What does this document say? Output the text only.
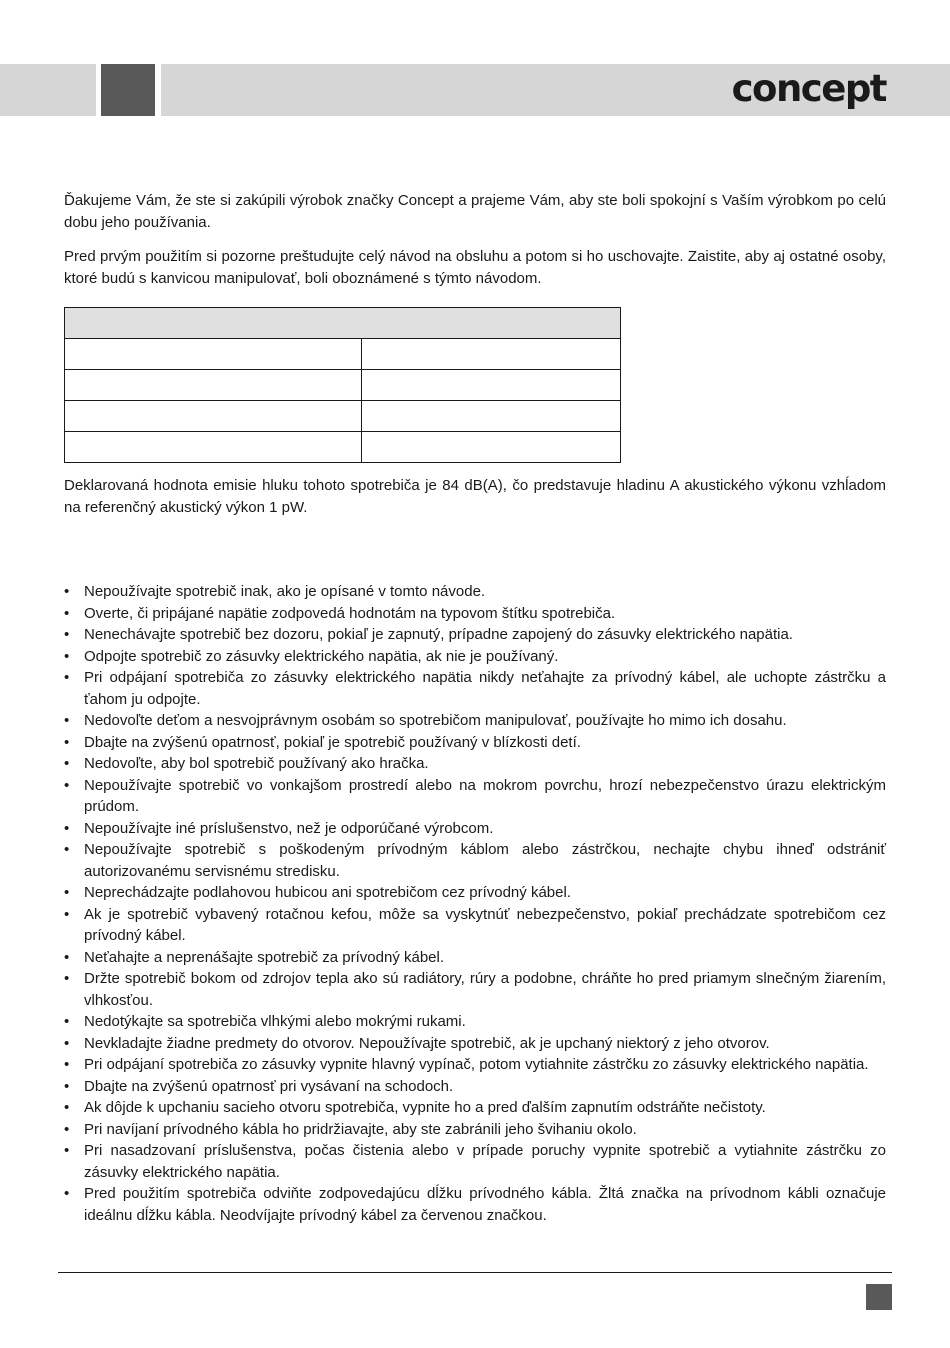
concept

Ďakujeme Vám, že ste si zakúpili výrobok značky Concept a prajeme Vám, aby ste boli spokojní s Vaším výrobkom po celú dobu jeho používania.

Pred prvým použitím si pozorne preštudujte celý návod na obsluhu a potom si ho uschovajte. Zaistite, aby aj ostatné osoby, ktoré budú s kanvicou manipulovať, boli oboznámené s týmto návodom.

Deklarovaná hodnota emisie hluku tohoto spotrebiča je 84 dB(A), čo predstavuje hladinu A akustického výkonu vzhĺadom na referenčný akustický výkon 1 pW.

• Nepoužívajte spotrebič inak, ako je opísané v tomto návode.
• Overte, či pripájané napätie zodpovedá hodnotám na typovom štítku spotrebiča.
• Nenechávajte spotrebič bez dozoru, pokiaľ je zapnutý, prípadne zapojený do zásuvky elektrického napätia.
• Odpojte spotrebič zo zásuvky elektrického napätia, ak nie je používaný.
• Pri odpájaní spotrebiča zo zásuvky elektrického napätia nikdy neťahajte za prívodný kábel, ale uchopte zástrčku a ťahom ju odpojte.
• Nedovoľte deťom a nesvojprávnym osobám so spotrebičom manipulovať, používajte ho mimo ich dosahu.
• Dbajte na zvýšenú opatrnosť, pokiaľ je spotrebič používaný v blízkosti detí.
• Nedovoľte, aby bol spotrebič používaný ako hračka.
• Nepoužívajte spotrebič vo vonkajšom prostredí alebo na mokrom povrchu, hrozí nebezpečenstvo úrazu elektrickým prúdom.
• Nepoužívajte iné príslušenstvo, než je odporúčané výrobcom.
• Nepoužívajte spotrebič s poškodeným prívodným káblom alebo zástrčkou, nechajte chybu ihneď odstrániť autorizovanému servisnému stredisku.
• Neprechádzajte podlahovou hubicou ani spotrebičom cez prívodný kábel.
• Ak je spotrebič vybavený rotačnou kefou, môže sa vyskytnúť nebezpečenstvo, pokiaľ prechádzate spotrebičom cez prívodný kábel.
• Neťahajte a neprenášajte spotrebič za prívodný kábel.
• Držte spotrebič bokom od zdrojov tepla ako sú radiátory, rúry a podobne, chráňte ho pred priamym slnečným žiarením, vlhkosťou.
• Nedotýkajte sa spotrebiča vlhkými alebo mokrými rukami.
• Nevkladajte žiadne predmety do otvorov. Nepoužívajte spotrebič, ak je upchaný niektorý z jeho otvorov.
• Pri odpájaní spotrebiča zo zásuvky vypnite hlavný vypínač, potom vytiahnite zástrčku zo zásuvky elektrického napätia.
• Dbajte na zvýšenú opatrnosť pri vysávaní na schodoch.
• Ak dôjde k upchaniu sacieho otvoru spotrebiča, vypnite ho a pred ďalším zapnutím odstráňte nečistoty.
• Pri navíjaní prívodného kábla ho pridržiavajte, aby ste zabránili jeho švihaniu okolo.
• Pri nasadzovaní príslušenstva, počas čistenia alebo v prípade poruchy vypnite spotrebič a vytiahnite zástrčku zo zásuvky elektrického napätia.
• Pred použitím spotrebiča odviňte zodpovedajúcu dĺžku prívodného kábla. Žltá značka na prívodnom kábli označuje ideálnu dĺžku kábla. Neodvíjajte prívodný kábel za červenou značkou.
